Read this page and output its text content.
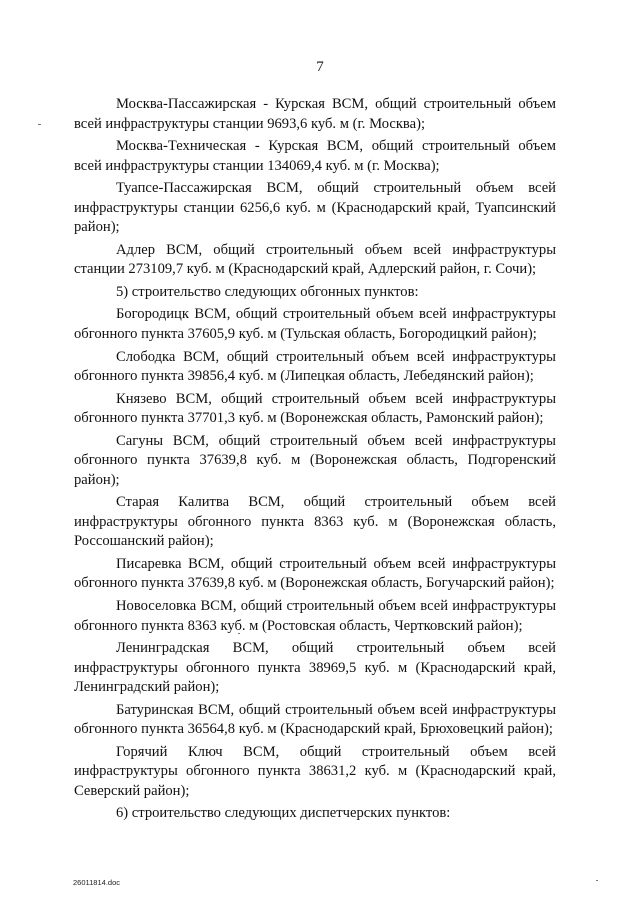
7

Москва-Пассажирская - Курская ВСМ, общий строительный объем всей инфраструктуры станции 9693,6 куб. м (г. Москва);

Москва-Техническая - Курская ВСМ, общий строительный объем всей инфраструктуры станции 134069,4 куб. м (г. Москва);

Туапсе-Пассажирская ВСМ, общий строительный объем всей инфраструктуры станции 6256,6 куб. м (Краснодарский край, Туапсинский район);

Адлер ВСМ, общий строительный объем всей инфраструктуры станции 273109,7 куб. м (Краснодарский край, Адлерский район, г. Сочи);

5) строительство следующих обгонных пунктов:

Богородицк ВСМ, общий строительный объем всей инфраструктуры обгонного пункта 37605,9 куб. м (Тульская область, Богородицкий район);

Слободка ВСМ, общий строительный объем всей инфраструктуры обгонного пункта 39856,4 куб. м (Липецкая область, Лебедянский район);

Князево ВСМ, общий строительный объем всей инфраструктуры обгонного пункта 37701,3 куб. м (Воронежская область, Рамонский район);

Сагуны ВСМ, общий строительный объем всей инфраструктуры обгонного пункта 37639,8 куб. м (Воронежская область, Подгоренский район);

Старая Калитва ВСМ, общий строительный объем всей инфраструктуры обгонного пункта 8363 куб. м (Воронежская область, Россошанский район);

Писаревка ВСМ, общий строительный объем всей инфраструктуры обгонного пункта 37639,8 куб. м (Воронежская область, Богучарский район);

Новоселовка ВСМ, общий строительный объем всей инфраструктуры обгонного пункта 8363 куб. м (Ростовская область, Чертковский район);

Ленинградская ВСМ, общий строительный объем всей инфраструктуры обгонного пункта 38969,5 куб. м (Краснодарский край, Ленинградский район);

Батуринская ВСМ, общий строительный объем всей инфраструктуры обгонного пункта 36564,8 куб. м (Краснодарский край, Брюховецкий район);

Горячий Ключ ВСМ, общий строительный объем всей инфраструктуры обгонного пункта 38631,2 куб. м (Краснодарский край, Северский район);

6) строительство следующих диспетчерских пунктов:

26011814.doc
